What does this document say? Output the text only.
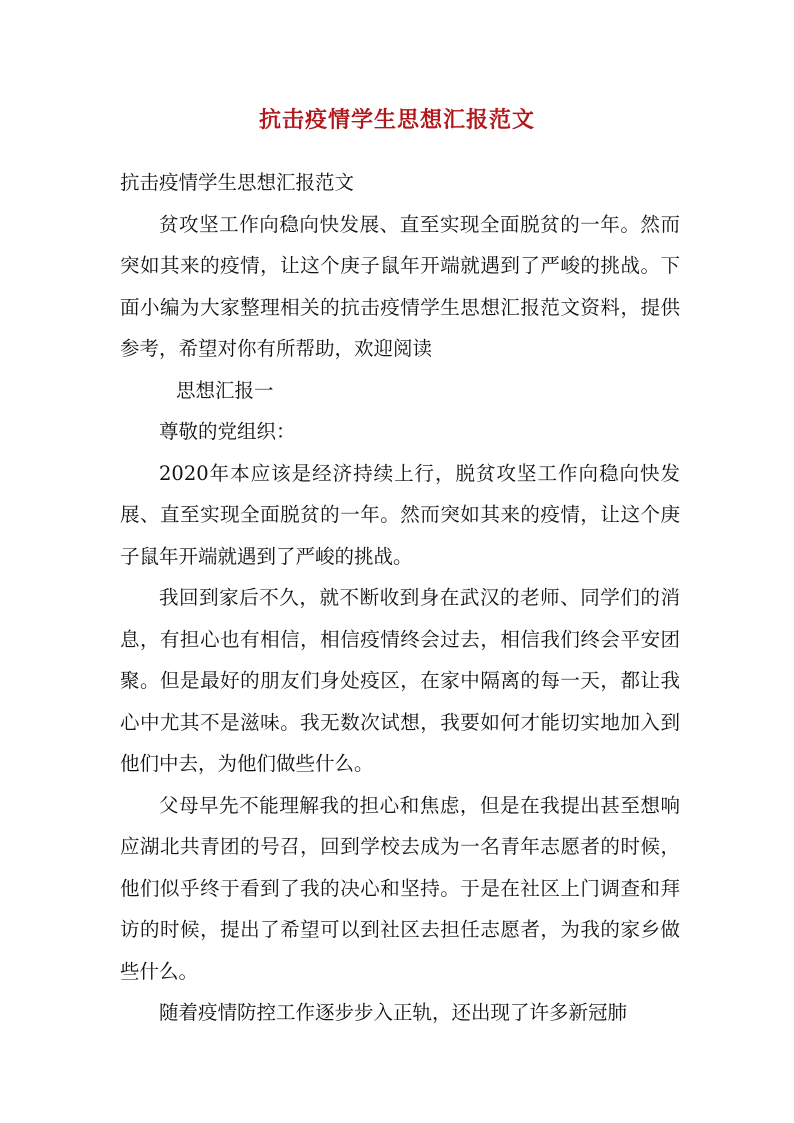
抗击疫情学生思想汇报范文
抗击疫情学生思想汇报范文

贫攻坚工作向稳向快发展、直至实现全面脱贫的一年。然而突如其来的疫情，让这个庚子鼠年开端就遇到了严峻的挑战。下面小编为大家整理相关的抗击疫情学生思想汇报范文资料，提供参考，希望对你有所帮助，欢迎阅读

思想汇报一
尊敬的党组织：

2020年本应该是经济持续上行，脱贫攻坚工作向稳向快发展、直至实现全面脱贫的一年。然而突如其来的疫情，让这个庚子鼠年开端就遇到了严峻的挑战。

我回到家后不久，就不断收到身在武汉的老师、同学们的消息，有担心也有相信，相信疫情终会过去，相信我们终会平安团聚。但是最好的朋友们身处疫区，在家中隔离的每一天，都让我心中尤其不是滋味。我无数次试想，我要如何才能切实地加入到他们中去，为他们做些什么。

父母早先不能理解我的担心和焦虑，但是在我提出甚至想响应湖北共青团的号召，回到学校去成为一名青年志愿者的时候，他们似乎终于看到了我的决心和坚持。于是在社区上门调查和拜访的时候，提出了希望可以到社区去担任志愿者，为我的家乡做些什么。

随着疫情防控工作逐步步入正轨，还出现了许多新冠肺
